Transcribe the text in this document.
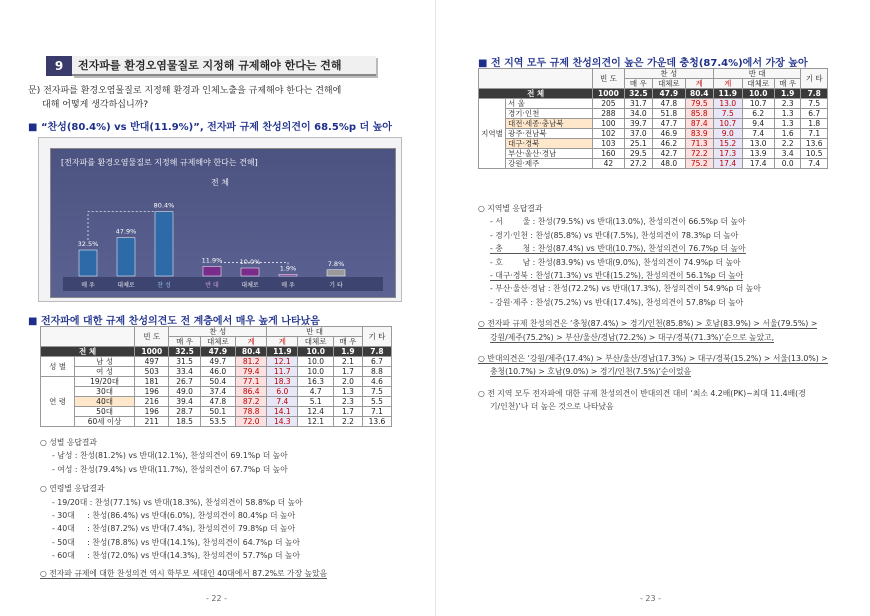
9	전자파를 환경오염물질로 지정해 규제해야 한다는 견해
문) 전자파를 환경오염물질로 지정해 환경과 인체노출을 규제해야 한다는 견해에
대해 어떻게 생각하십니까?
■ “찬성(80.4%) vs 반대(11.9%)”, 전자파 규제 찬성의견이 68.5%p 더 높아
[전자파를 환경오염물질로 지정해 규제해야 한다는 견해]
전 체
32.5%
매 우
47.9%
대체로
80.4%
찬 성
11.9%
반 대
10.0%
대체로
1.9%
매 우
7.8%
기 타
■ 전자파에 대한 규제 찬성의견도 전 계층에서 매우 높게 나타났음
		빈 도	찬 성			반 대			기 타
			매 우	대체로	계	계	대체로	매 우	
전 체		1000	32.5	47.9	80.4	11.9	10.0	1.9	7.8
성 별	남 성	497	31.5	49.7	81.2	12.1	10.0	2.1	6.7
	여 성	503	33.4	46.0	79.4	11.7	10.0	1.7	8.8
연 령	19/20대	181	26.7	50.4	77.1	18.3	16.3	2.0	4.6
	30대	196	49.0	37.4	86.4	6.0	4.7	1.3	7.5
	40대	216	39.4	47.8	87.2	7.4	5.1	2.3	5.5
	50대	196	28.7	50.1	78.8	14.1	12.4	1.7	7.1
	60세 이상	211	18.5	53.5	72.0	14.3	12.1	2.2	13.6
○ 성별 응답결과
- 남성 : 찬성(81.2%) vs 반대(12.1%), 찬성의견이 69.1%p 더 높아
- 여성 : 찬성(79.4%) vs 반대(11.7%), 찬성의견이 67.7%p 더 높아
○ 연령별 응답결과
- 19/20대 : 찬성(77.1%) vs 반대(18.3%), 찬성의견이 58.8%p 더 높아
- 30대     : 찬성(86.4%) vs 반대(6.0%), 찬성의견이 80.4%p 더 높아
- 40대     : 찬성(87.2%) vs 반대(7.4%), 찬성의견이 79.8%p 더 높아
- 50대     : 찬성(78.8%) vs 반대(14.1%), 찬성의견이 64.7%p 더 높아
- 60대     : 찬성(72.0%) vs 반대(14.3%), 찬성의견이 57.7%p 더 높아
○ 전자파 규제에 대한 찬성의견 역시 학부모 세대인 40대에서 87.2%로 가장 높았음
- 22 -
■ 전 지역 모두 규제 찬성의견이 높은 가운데 충청(87.4%)에서 가장 높아
		빈 도	찬 성			반 대			기 타
			매 우	대체로	계	계	대체로	매 우	
전 체		1000	32.5	47.9	80.4	11.9	10.0	1.9	7.8
지역별	서 울	205	31.7	47.8	79.5	13.0	10.7	2.3	7.5
	경기·인천	288	34.0	51.8	85.8	7.5	6.2	1.3	6.7
	대전·세종·충남북	100	39.7	47.7	87.4	10.7	9.4	1.3	1.8
	광주·전남북	102	37.0	46.9	83.9	9.0	7.4	1.6	7.1
	대구·경북	103	25.1	46.2	71.3	15.2	13.0	2.2	13.6
	부산·울산·경남	160	29.5	42.7	72.2	17.3	13.9	3.4	10.5
	강원·제주	42	27.2	48.0	75.2	17.4	17.4	0.0	7.4
○ 지역별 응답결과
- 서        울 : 찬성(79.5%) vs 반대(13.0%), 찬성의견이 66.5%p 더 높아
- 경기·인천 : 찬성(85.8%) vs 반대(7.5%), 찬성의견이 78.3%p 더 높아
- 충        청 : 찬성(87.4%) vs 반대(10.7%), 찬성의견이 76.7%p 더 높아
- 호        남 : 찬성(83.9%) vs 반대(9.0%), 찬성의견이 74.9%p 더 높아
- 대구·경북 : 찬성(71.3%) vs 반대(15.2%), 찬성의견이 56.1%p 더 높아
- 부산·울산·경남 : 찬성(72.2%) vs 반대(17.3%), 찬성의견이 54.9%p 더 높아
- 강원·제주 : 찬성(75.2%) vs 반대(17.4%), 찬성의견이 57.8%p 더 높아
○ 전자파 규제 찬성의견은 ‘충청(87.4%) > 경기/인천(85.8%) > 호남(83.9%) > 서울(79.5%) >
강원/제주(75.2%) > 부산/울산/경남(72.2%) > 대구/경북(71.3%)’순으로 높았고,
○ 반대의견은 ‘강원/제주(17.4%) > 부산/울산/경남(17.3%) > 대구/경북(15.2%) > 서울(13.0%) >
충청(10.7%) > 호남(9.0%) > 경기/인천(7.5%)’순이었음
○ 전 지역 모두 전자파에 대한 규제 찬성의견이 반대의견 대비 ‘최소 4.2배(PK)~최대 11.4배(경
기/인천)’나 더 높은 것으로 나타났음
- 23 -
